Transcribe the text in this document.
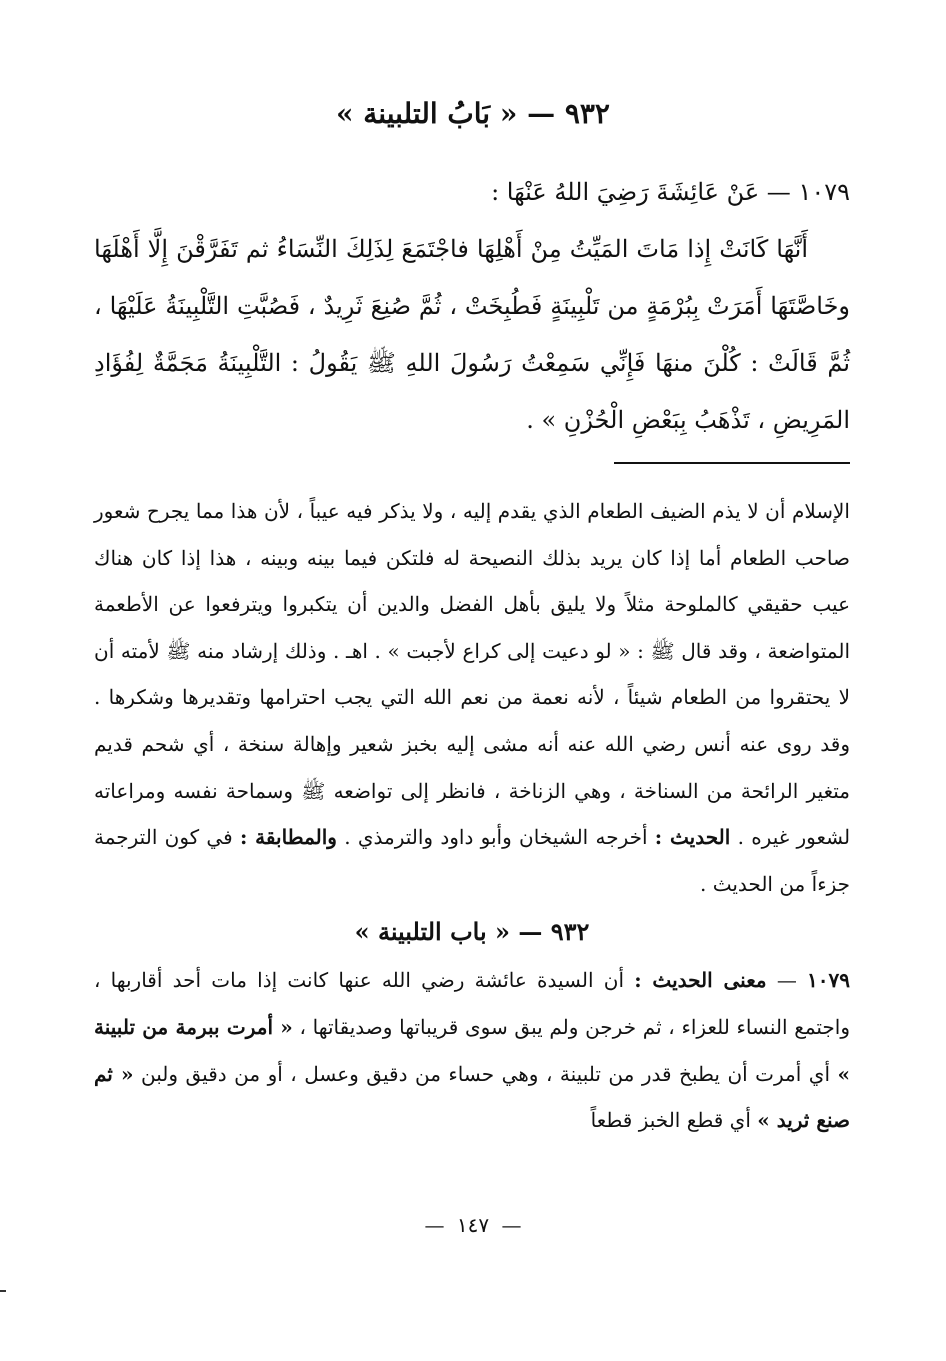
٩٣٢ — « بَابُ التلبينة »

١٠٧٩ — عَنْ عَائِشَةَ رَضِيَ اللهُ عَنْهَا :

أَنَّهَا كَانَتْ إِذا مَاتَ المَيِّتُ مِنْ أَهْلِهَا فاجْتَمَعَ لِذَلِكَ النِّسَاءُ ثم تَفَرَّقْنَ إِلَّا أَهْلَهَا وخَاصَّتَهَا أَمَرَتْ بِبُرْمَةٍ من تَلْبِينَةٍ فَطُبِخَتْ ، ثُمَّ صُنِعَ ثَرِيدٌ ، فَصُبَّتِ التَّلْبِينَةُ عَلَيْهَا ، ثُمَّ قَالَتْ : كُلْنَ منهَا فَإِنِّي سَمِعْتُ رَسُولَ اللهِ ﷺ يَقُولُ : التَّلْبِينَةُ مَجَمَّةٌ لِفُؤَادِ المَرِيضِ ، تَذْهَبُ بِبَعْضِ الْحُزْنِ » .

الإسلام أن لا يذم الضيف الطعام الذي يقدم إليه ، ولا يذكر فيه عيباً ، لأن هذا مما يجرح شعور صاحب الطعام أما إذا كان يريد بذلك النصيحة له فلتكن فيما بينه وبينه ، هذا إذا كان هناك عيب حقيقي كالملوحة مثلاً ولا يليق بأهل الفضل والدين أن يتكبروا ويترفعوا عن الأطعمة المتواضعة ، وقد قال ﷺ : « لو دعيت إلى كراع لأجبت » . اهـ . وذلك إرشاد منه ﷺ لأمته أن لا يحتقروا من الطعام شيئاً ، لأنه نعمة من نعم الله التي يجب احترامها وتقديرها وشكرها . وقد روى عنه أنس رضي الله عنه أنه مشى إليه بخبز شعير وإهالة سنخة ، أي شحم قديم متغير الرائحة من السناخة ، وهي الزناخة ، فانظر إلى تواضعه ﷺ وسماحة نفسه ومراعاته لشعور غيره . الحديث : أخرجه الشيخان وأبو داود والترمذي . والمطابقة : في كون الترجمة جزءاً من الحديث .

٩٣٢ — « باب التلبينة »

١٠٧٩ — معنى الحديث : أن السيدة عائشة رضي الله عنها كانت إذا مات أحد أقاربها ، واجتمع النساء للعزاء ، ثم خرجن ولم يبق سوى قريباتها وصديقاتها ، « أمرت ببرمة من تلبينة » أي أمرت أن يطبخ قدر من تلبينة ، وهي حساء من دقيق وعسل ، أو من دقيق ولبن « ثم صنع ثريد » أي قطع الخبز قطعاً

— ١٤٧ —
